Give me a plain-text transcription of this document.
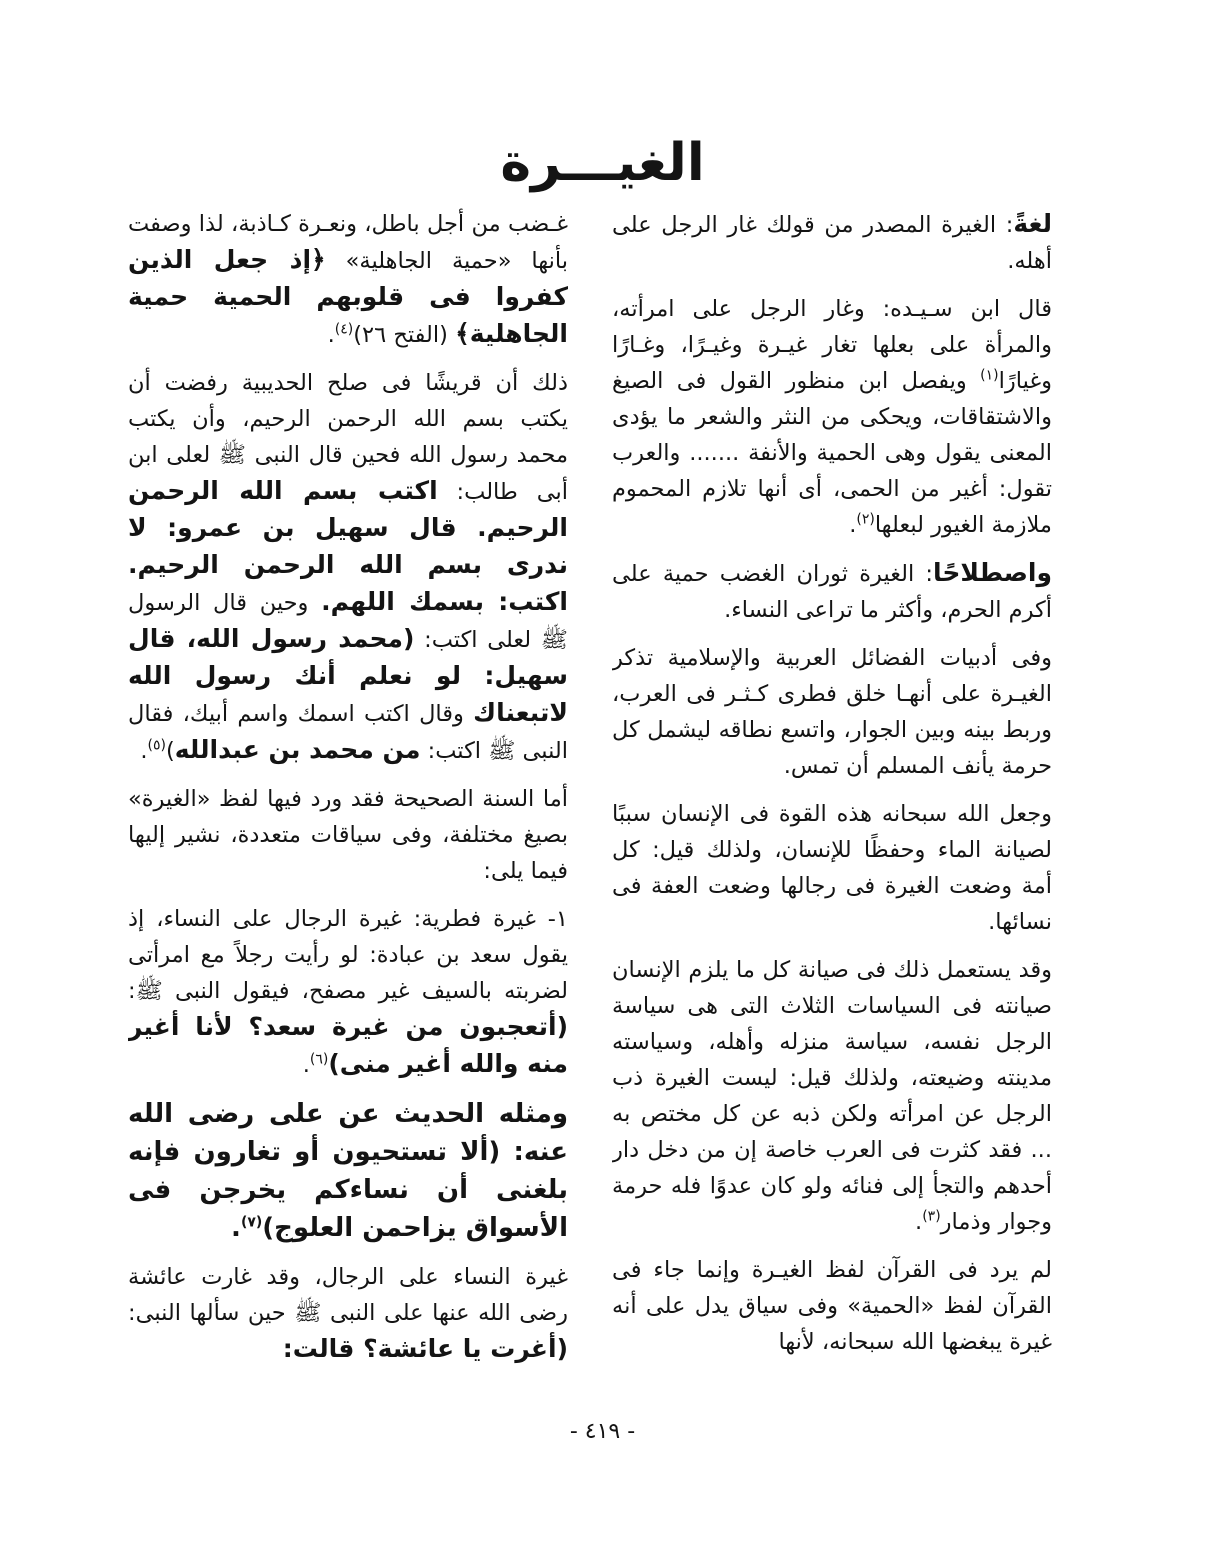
الغيـــرة

لغةً: الغيرة المصدر من قولك غار الرجل على أهله.

قال ابن سـيـده: وغار الرجل على امرأته، والمرأة على بعلها تغار غيـرة وغيـرًا، وغـارًا وغيارًا$^{(١)}$ ويفصل ابن منظور القول فى الصيغ والاشتقاقات، ويحكى من النثر والشعر ما يؤدى المعنى يقول وهى الحمية والأنفة ....... والعرب تقول: أغير من الحمى، أى أنها تلازم المحموم ملازمة الغيور لبعلها$^{(٢)}$.

واصطلاحًا: الغيرة ثوران الغضب حمية على أكرم الحرم، وأكثر ما تراعى النساء.

وفى أدبيات الفضائل العربية والإسلامية تذكر الغيـرة على أنهـا خلق فطرى كـثـر فى العرب، وربط بينه وبين الجوار، واتسع نطاقه ليشمل كل حرمة يأنف المسلم أن تمس.

وجعل الله سبحانه هذه القوة فى الإنسان سببًا لصيانة الماء وحفظًا للإنسان، ولذلك قيل: كل أمة وضعت الغيرة فى رجالها وضعت العفة فى نسائها.

وقد يستعمل ذلك فى صيانة كل ما يلزم الإنسان صيانته فى السياسات الثلاث التى هى سياسة الرجل نفسه، سياسة منزله وأهله، وسياسته مدينته وضيعته، ولذلك قيل: ليست الغيرة ذب الرجل عن امرأته ولكن ذبه عن كل مختص به ... فقد كثرت فى العرب خاصة إن من دخل دار أحدهم والتجأ إلى فنائه ولو كان عدوًا فله حرمة وجوار وذمار$^{(٣)}$.

لم يرد فى القرآن لفظ الغيـرة وإنما جاء فى القرآن لفظ «الحمية» وفى سياق يدل على أنه غيرة يبغضها الله سبحانه، لأنها

غـضب من أجل باطل، ونعـرة كـاذبة، لذا وصفت بأنها «حمية الجاهلية» ﴿إذ جعل الذين كفروا فى قلوبهم الحمية حمية الجاهلية﴾ (الفتح ٢٦)$^{(٤)}$.

ذلك أن قريشًا فى صلح الحديبية رفضت أن يكتب بسم الله الرحمن الرحيم، وأن يكتب محمد رسول الله فحين قال النبى ﷺ لعلى ابن أبى طالب: اكتب بسم الله الرحمن الرحيم. قال سهيل بن عمرو: لا ندرى بسم الله الرحمن الرحيم. اكتب: بسمك اللهم. وحين قال الرسول ﷺ لعلى اكتب: (محمد رسول الله، قال سهيل: لو نعلم أنك رسول الله لاتبعناك وقال اكتب اسمك واسم أبيك، فقال النبى ﷺ اكتب: من محمد بن عبدالله)$^{(٥)}$.

أما السنة الصحيحة فقد ورد فيها لفظ «الغيرة» بصيغ مختلفة، وفى سياقات متعددة، نشير إليها فيما يلى:

١- غيرة فطرية: غيرة الرجال على النساء، إذ يقول سعد بن عبادة: لو رأيت رجلاً مع امرأتى لضربته بالسيف غير مصفح، فيقول النبى ﷺ: (أتعجبون من غيرة سعد؟ لأنا أغير منه والله أغير منى)$^{(٦)}$.

ومثله الحديث عن على رضى الله عنه: (ألا تستحيون أو تغارون فإنه بلغنى أن نساءكم يخرجن فى الأسواق يزاحمن العلوج)$^{(٧)}$.

غيرة النساء على الرجال، وقد غارت عائشة رضى الله عنها على النبى ﷺ حين سألها النبى: (أغرت يا عائشة؟ قالت:

- ٤١٩ -
